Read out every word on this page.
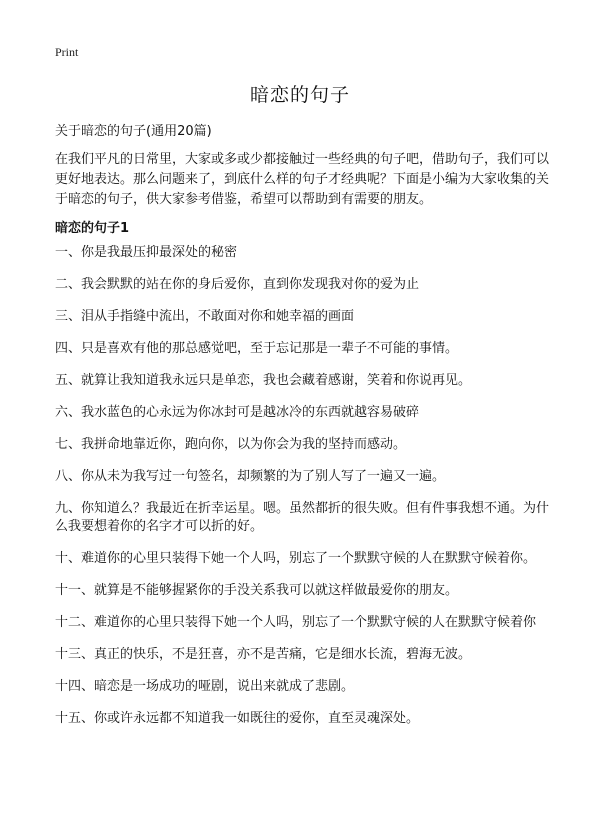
Print
暗恋的句子
关于暗恋的句子(通用20篇)
在我们平凡的日常里，大家或多或少都接触过一些经典的句子吧，借助句子，我们可以更好地表达。那么问题来了，到底什么样的句子才经典呢？下面是小编为大家收集的关于暗恋的句子，供大家参考借鉴，希望可以帮助到有需要的朋友。
暗恋的句子1
一、你是我最压抑最深处的秘密
二、我会默默的站在你的身后爱你，直到你发现我对你的爱为止
三、泪从手指缝中流出，不敢面对你和她幸福的画面
四、只是喜欢有他的那总感觉吧，至于忘记那是一辈子不可能的事情。
五、就算让我知道我永远只是单恋，我也会藏着感谢，笑着和你说再见。
六、我水蓝色的心永远为你冰封可是越冰冷的东西就越容易破碎
七、我拼命地靠近你，跑向你，以为你会为我的坚持而感动。
八、你从未为我写过一句签名，却频繁的为了别人写了一遍又一遍。
九、你知道么？我最近在折幸运星。嗯。虽然都折的很失败。但有件事我想不通。为什么我要想着你的名字才可以折的好。
十、难道你的心里只装得下她一个人吗，别忘了一个默默守候的人在默默守候着你。
十一、就算是不能够握紧你的手没关系我可以就这样做最爱你的朋友。
十二、难道你的心里只装得下她一个人吗，别忘了一个默默守候的人在默默守候着你
十三、真正的快乐，不是狂喜，亦不是苦痛，它是细水长流，碧海无波。
十四、暗恋是一场成功的哑剧，说出来就成了悲剧。
十五、你或许永远都不知道我一如既往的爱你，直至灵魂深处。
